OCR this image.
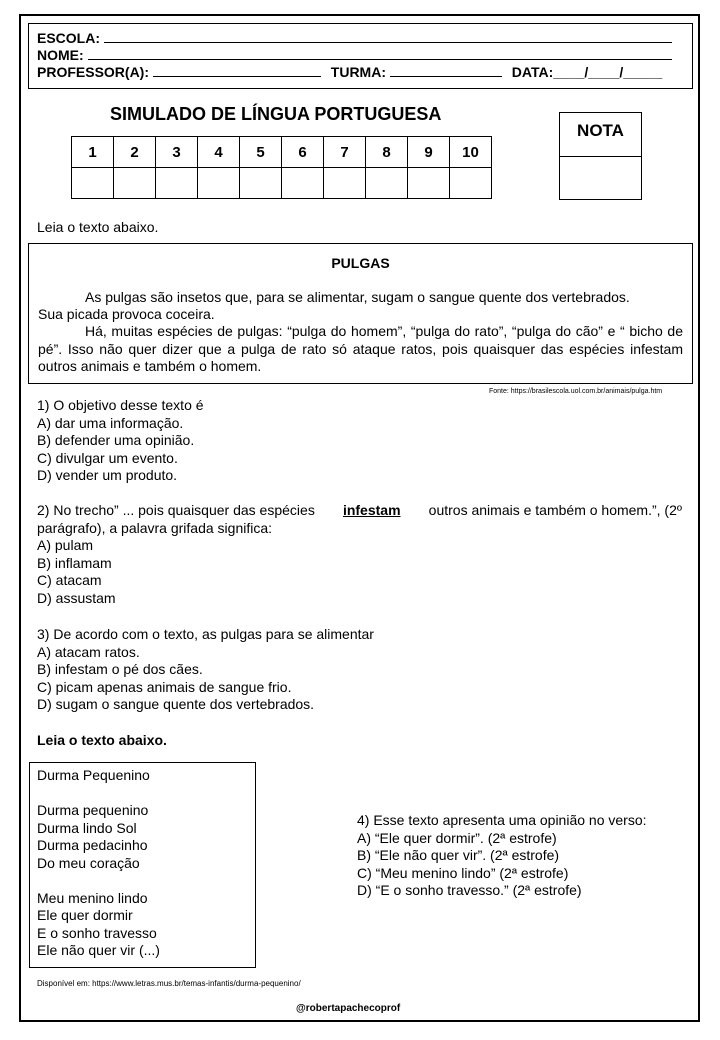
ESCOLA:
NOME:
PROFESSOR(A):	TURMA:	DATA:____/____/_____
SIMULADO DE LÍNGUA PORTUGUESA
1	2	3	4	5	6	7	8	9	10

NOTA
Leia o texto abaixo.
PULGAS
As pulgas são insetos que, para se alimentar, sugam o sangue quente dos vertebrados.
Sua picada provoca coceira.
Há, muitas espécies de pulgas: “pulga do homem”, “pulga do rato”, “pulga do cão” e “ bicho de pé”. Isso não quer dizer que a pulga de rato só ataque ratos, pois quaisquer das espécies infestam outros animais e também o homem.
Fonte: https://brasilescola.uol.com.br/animais/pulga.htm
1) O objetivo desse texto é
A) dar uma informação.
B) defender uma opinião.
C) divulgar um evento.
D) vender um produto.
2) No trecho” ... pois quaisquer das espécies infestam outros animais e também o homem.”, (2º
parágrafo), a palavra grifada significa:
A) pulam
B) inflamam
C) atacam
D) assustam
3) De acordo com o texto, as pulgas para se alimentar
A) atacam ratos.
B) infestam o pé dos cães.
C) picam apenas animais de sangue frio.
D) sugam o sangue quente dos vertebrados.
Leia o texto abaixo.
Durma Pequenino
Durma pequenino
Durma lindo Sol
Durma pedacinho
Do meu coração
Meu menino lindo
Ele quer dormir
E o sonho travesso
Ele não quer vir (...)
4) Esse texto apresenta uma opinião no verso:
A) “Ele quer dormir”. (2ª estrofe)
B) “Ele não quer vir”. (2ª estrofe)
C) “Meu menino lindo” (2ª estrofe)
D) “E o sonho travesso.” (2ª estrofe)
Disponível em: https://www.letras.mus.br/temas-infantis/durma-pequenino/
@robertapachecoprof
